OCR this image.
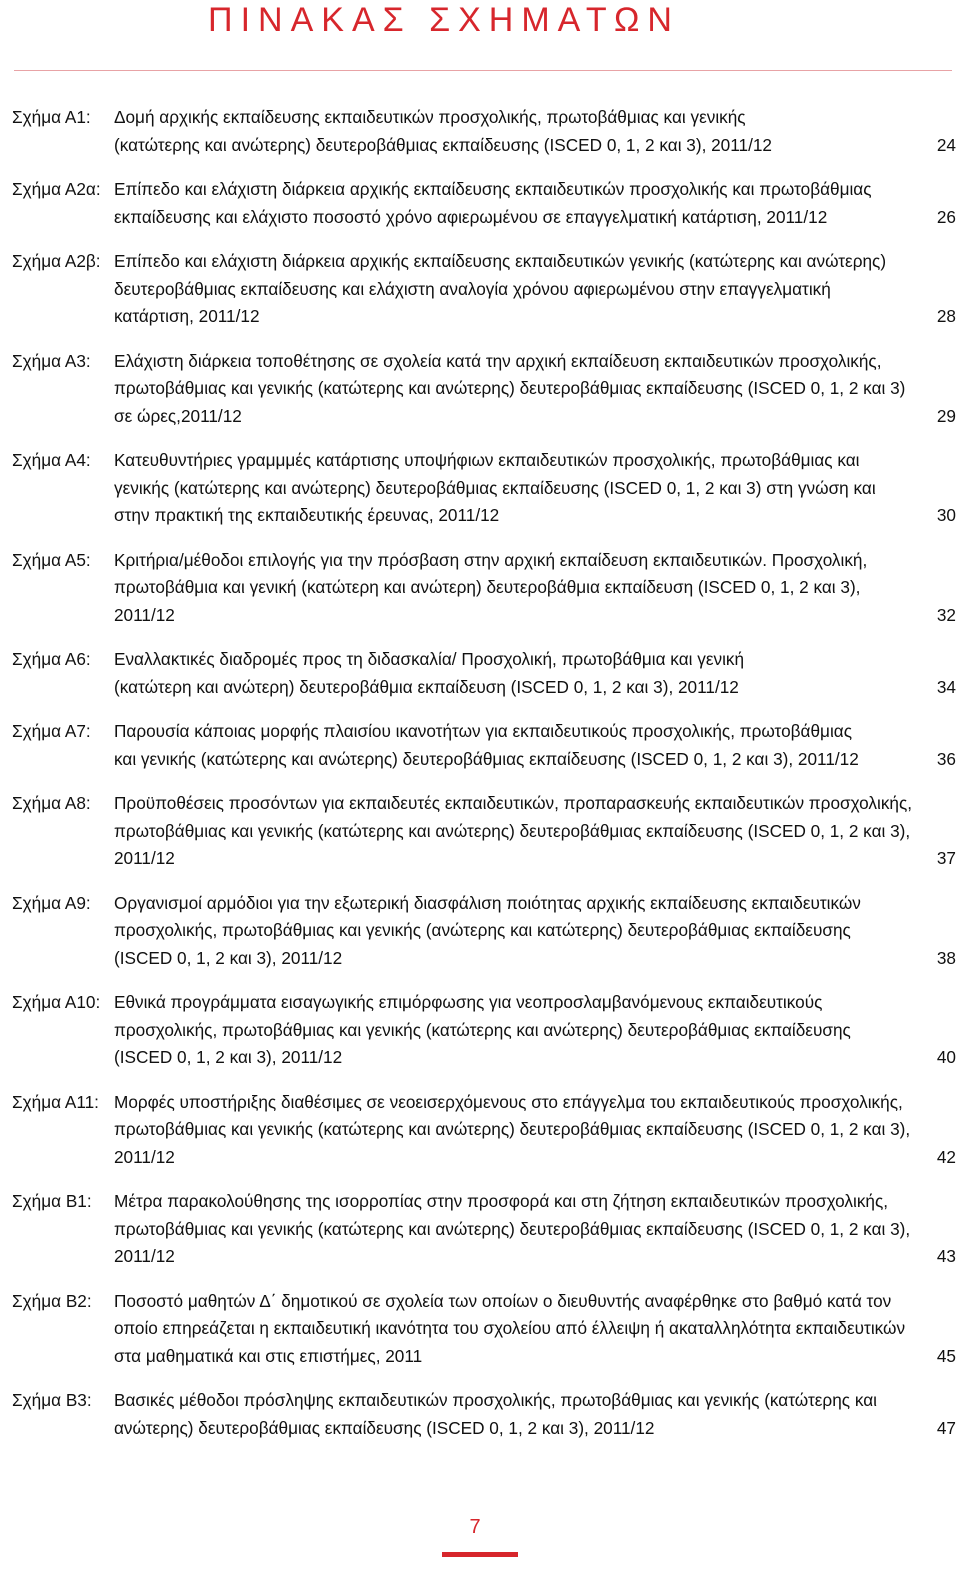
ΠΙΝΑΚΑΣ ΣΧΗΜΑΤΩΝ
Σχήμα Α1:	Δομή αρχικής εκπαίδευσης εκπαιδευτικών προσχολικής, πρωτοβάθμιας και γενικής
(κατώτερης και ανώτερης) δευτεροβάθμιας εκπαίδευσης (ISCED 0, 1, 2 και 3), 2011/12	24
Σχήμα Α2α: Επίπεδο και ελάχιστη διάρκεια αρχικής εκπαίδευσης εκπαιδευτικών προσχολικής και πρωτοβάθμιας
εκπαίδευσης και ελάχιστο ποσοστό χρόνο αφιερωμένου σε επαγγελματική κατάρτιση, 2011/12	26
Σχήμα Α2β: Επίπεδο και ελάχιστη διάρκεια αρχικής εκπαίδευσης εκπαιδευτικών γενικής (κατώτερης και ανώτερης)
δευτεροβάθμιας εκπαίδευσης και ελάχιστη αναλογία χρόνου αφιερωμένου στην επαγγελματική
κατάρτιση, 2011/12	28
Σχήμα Α3:	Ελάχιστη διάρκεια τοποθέτησης σε σχολεία κατά την αρχική εκπαίδευση εκπαιδευτικών προσχολικής,
πρωτοβάθμιας και γενικής (κατώτερης και ανώτερης) δευτεροβάθμιας εκπαίδευσης (ISCED 0, 1, 2 και 3)
σε ώρες,2011/12	29
Σχήμα Α4:	Κατευθυντήριες γραμμμές κατάρτισης υποψήφιων εκπαιδευτικών προσχολικής, πρωτοβάθμιας και
γενικής (κατώτερης και ανώτερης) δευτεροβάθμιας εκπαίδευσης (ISCED 0, 1, 2 και 3) στη γνώση και
στην πρακτική της εκπαιδευτικής έρευνας, 2011/12	30
Σχήμα Α5:	Κριτήρια/μέθοδοι επιλογής για την πρόσβαση στην αρχική εκπαίδευση εκπαιδευτικών. Προσχολική,
πρωτοβάθμια και γενική (κατώτερη και ανώτερη) δευτεροβάθμια εκπαίδευση (ISCED 0, 1, 2 και 3),
2011/12	32
Σχήμα Α6:	Εναλλακτικές διαδρομές προς τη διδασκαλία/ Προσχολική, πρωτοβάθμια και γενική
(κατώτερη και ανώτερη) δευτεροβάθμια εκπαίδευση (ISCED 0, 1, 2 και 3), 2011/12	34
Σχήμα Α7:	Παρουσία κάποιας μορφής πλαισίου ικανοτήτων για εκπαιδευτικούς προσχολικής, πρωτοβάθμιας
και γενικής (κατώτερης και ανώτερης) δευτεροβάθμιας εκπαίδευσης (ISCED 0, 1, 2 και 3), 2011/12	36
Σχήμα Α8:	Προϋποθέσεις προσόντων για εκπαιδευτές εκπαιδευτικών, προπαρασκευής εκπαιδευτικών προσχολικής,
πρωτοβάθμιας και γενικής (κατώτερης και ανώτερης) δευτεροβάθμιας εκπαίδευσης (ISCED 0, 1, 2 και 3),
2011/12	37
Σχήμα Α9:	Οργανισμοί αρμόδιοι για την εξωτερική διασφάλιση ποιότητας αρχικής εκπαίδευσης εκπαιδευτικών
προσχολικής, πρωτοβάθμιας και γενικής (ανώτερης και κατώτερης) δευτεροβάθμιας εκπαίδευσης
(ISCED 0, 1, 2 και 3), 2011/12	38
Σχήμα Α10: Εθνικά προγράμματα εισαγωγικής επιμόρφωσης για νεοπροσλαμβανόμενους εκπαιδευτικούς
προσχολικής, πρωτοβάθμιας και γενικής (κατώτερης και ανώτερης) δευτεροβάθμιας εκπαίδευσης
(ISCED 0, 1, 2 και 3), 2011/12	40
Σχήμα Α11: Μορφές υποστήριξης διαθέσιμες σε νεοεισερχόμενους στο επάγγελμα του εκπαιδευτικούς προσχολικής,
πρωτοβάθμιας και γενικής (κατώτερης και ανώτερης) δευτεροβάθμιας εκπαίδευσης (ISCED 0, 1, 2 και 3),
2011/12	42
Σχήμα Β1:	Μέτρα παρακολούθησης της ισορροπίας στην προσφορά και στη ζήτηση εκπαιδευτικών προσχολικής,
πρωτοβάθμιας και γενικής (κατώτερης και ανώτερης) δευτεροβάθμιας εκπαίδευσης (ISCED 0, 1, 2 και 3),
2011/12	43
Σχήμα Β2:	Ποσοστό μαθητών Δ΄ δημοτικού σε σχολεία των οποίων ο διευθυντής αναφέρθηκε στο βαθμό κατά τον
οποίο επηρεάζεται η εκπαιδευτική ικανότητα του σχολείου από έλλειψη ή ακαταλληλότητα εκπαιδευτικών
στα μαθηματικά και στις επιστήμες, 2011	45
Σχήμα Β3:	Βασικές μέθοδοι πρόσληψης εκπαιδευτικών προσχολικής, πρωτοβάθμιας και γενικής (κατώτερης και
ανώτερης) δευτεροβάθμιας εκπαίδευσης (ISCED 0, 1, 2 και 3), 2011/12	47
7
